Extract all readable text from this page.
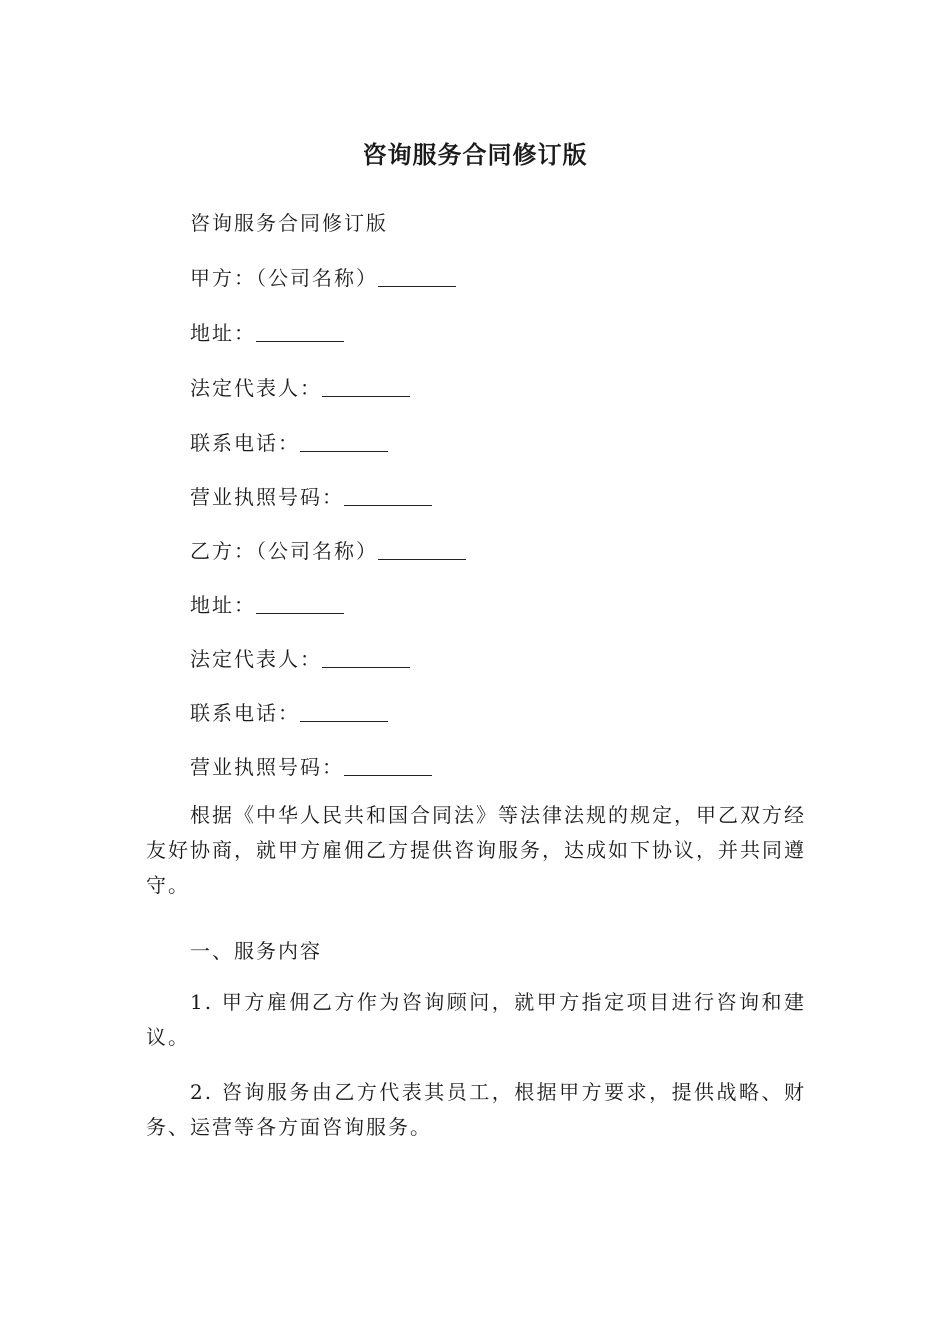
咨询服务合同修订版
咨询服务合同修订版
甲方：（公司名称）
地址：
法定代表人：
联系电话：
营业执照号码：
乙方：（公司名称）
地址：
法定代表人：
联系电话：
营业执照号码：
根据《中华人民共和国合同法》等法律法规的规定，甲乙双方经友好协商，就甲方雇佣乙方提供咨询服务，达成如下协议，并共同遵守。
一、服务内容
1. 甲方雇佣乙方作为咨询顾问，就甲方指定项目进行咨询和建议。
2. 咨询服务由乙方代表其员工，根据甲方要求，提供战略、财务、运营等各方面咨询服务。
